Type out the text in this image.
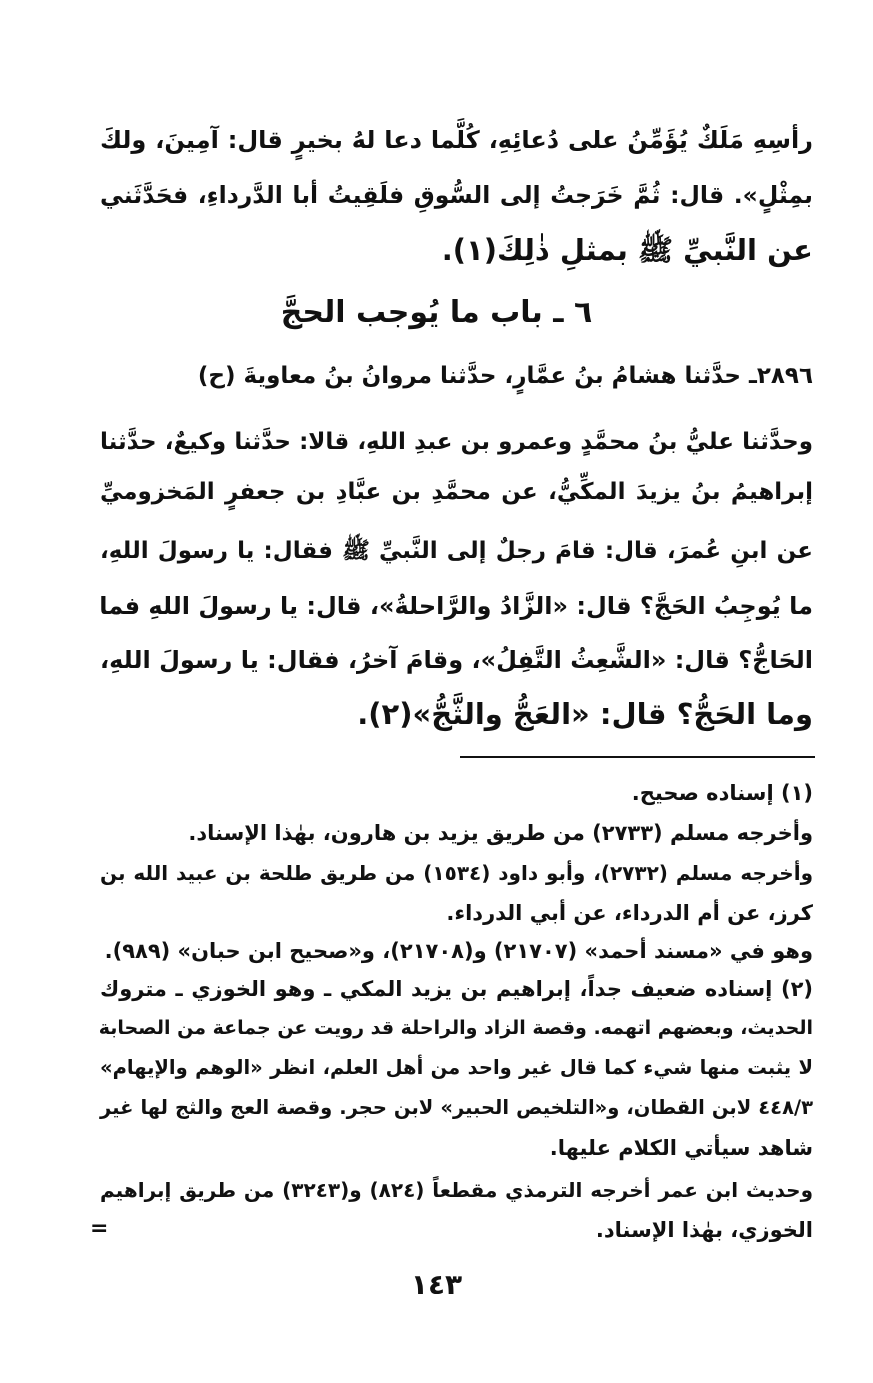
رأسِهِ مَلَكٌ يُؤَمِّنُ على دُعائِهِ، كُلَّما دعا لهُ بخيرٍ قال: آمِينَ، ولكَ
بمِثْلٍ». قال: ثُمَّ خَرَجتُ إلى السُّوقِ فلَقِيتُ أبا الدَّرداءِ، فحَدَّثَني
عن النَّبيِّ ﷺ بمثلِ ذٰلِكَ(١).
٦ ـ باب ما يُوجب الحجَّ
٢٨٩٦ـ حدَّثنا هشامُ بنُ عمَّارٍ، حدَّثنا مروانُ بنُ معاويةَ (ح)
وحدَّثنا عليُّ بنُ محمَّدٍ وعمرو بن عبدِ اللهِ، قالا: حدَّثنا وكيعٌ، حدَّثنا
إبراهيمُ بنُ يزيدَ المكِّيُّ، عن محمَّدِ بن عبَّادِ بن جعفرٍ المَخزوميِّ
عن ابنِ عُمرَ، قال: قامَ رجلٌ إلى النَّبيِّ ﷺ فقال: يا رسولَ اللهِ،
ما يُوجِبُ الحَجَّ؟ قال: «الزَّادُ والرَّاحلةُ»، قال: يا رسولَ اللهِ فما
الحَاجُّ؟ قال: «الشَّعِثُ التَّفِلُ»، وقامَ آخرُ، فقال: يا رسولَ اللهِ،
وما الحَجُّ؟ قال: «العَجُّ والثَّجُّ»(٢).
(١) إسناده صحيح.
وأخرجه مسلم (٢٧٣٣) من طريق يزيد بن هارون، بهٰذا الإسناد.
وأخرجه مسلم (٢٧٣٢)، وأبو داود (١٥٣٤) من طريق طلحة بن عبيد الله بن
كرز، عن أم الدرداء، عن أبي الدرداء.
وهو في «مسند أحمد» (٢١٧٠٧) و(٢١٧٠٨)، و«صحيح ابن حبان» (٩٨٩).
(٢) إسناده ضعيف جداً، إبراهيم بن يزيد المكي ـ وهو الخوزي ـ متروك
الحديث، وبعضهم اتهمه. وقصة الزاد والراحلة قد رويت عن جماعة من الصحابة
لا يثبت منها شيء كما قال غير واحد من أهل العلم، انظر «الوهم والإيهام»
٤٤٨/٣ لابن القطان، و«التلخيص الحبير» لابن حجر. وقصة العج والثج لها غير
شاهد سيأتي الكلام عليها.
وحديث ابن عمر أخرجه الترمذي مقطعاً (٨٢٤) و(٣٢٤٣) من طريق إبراهيم
الخوزي، بهٰذا الإسناد.
=
١٤٣
